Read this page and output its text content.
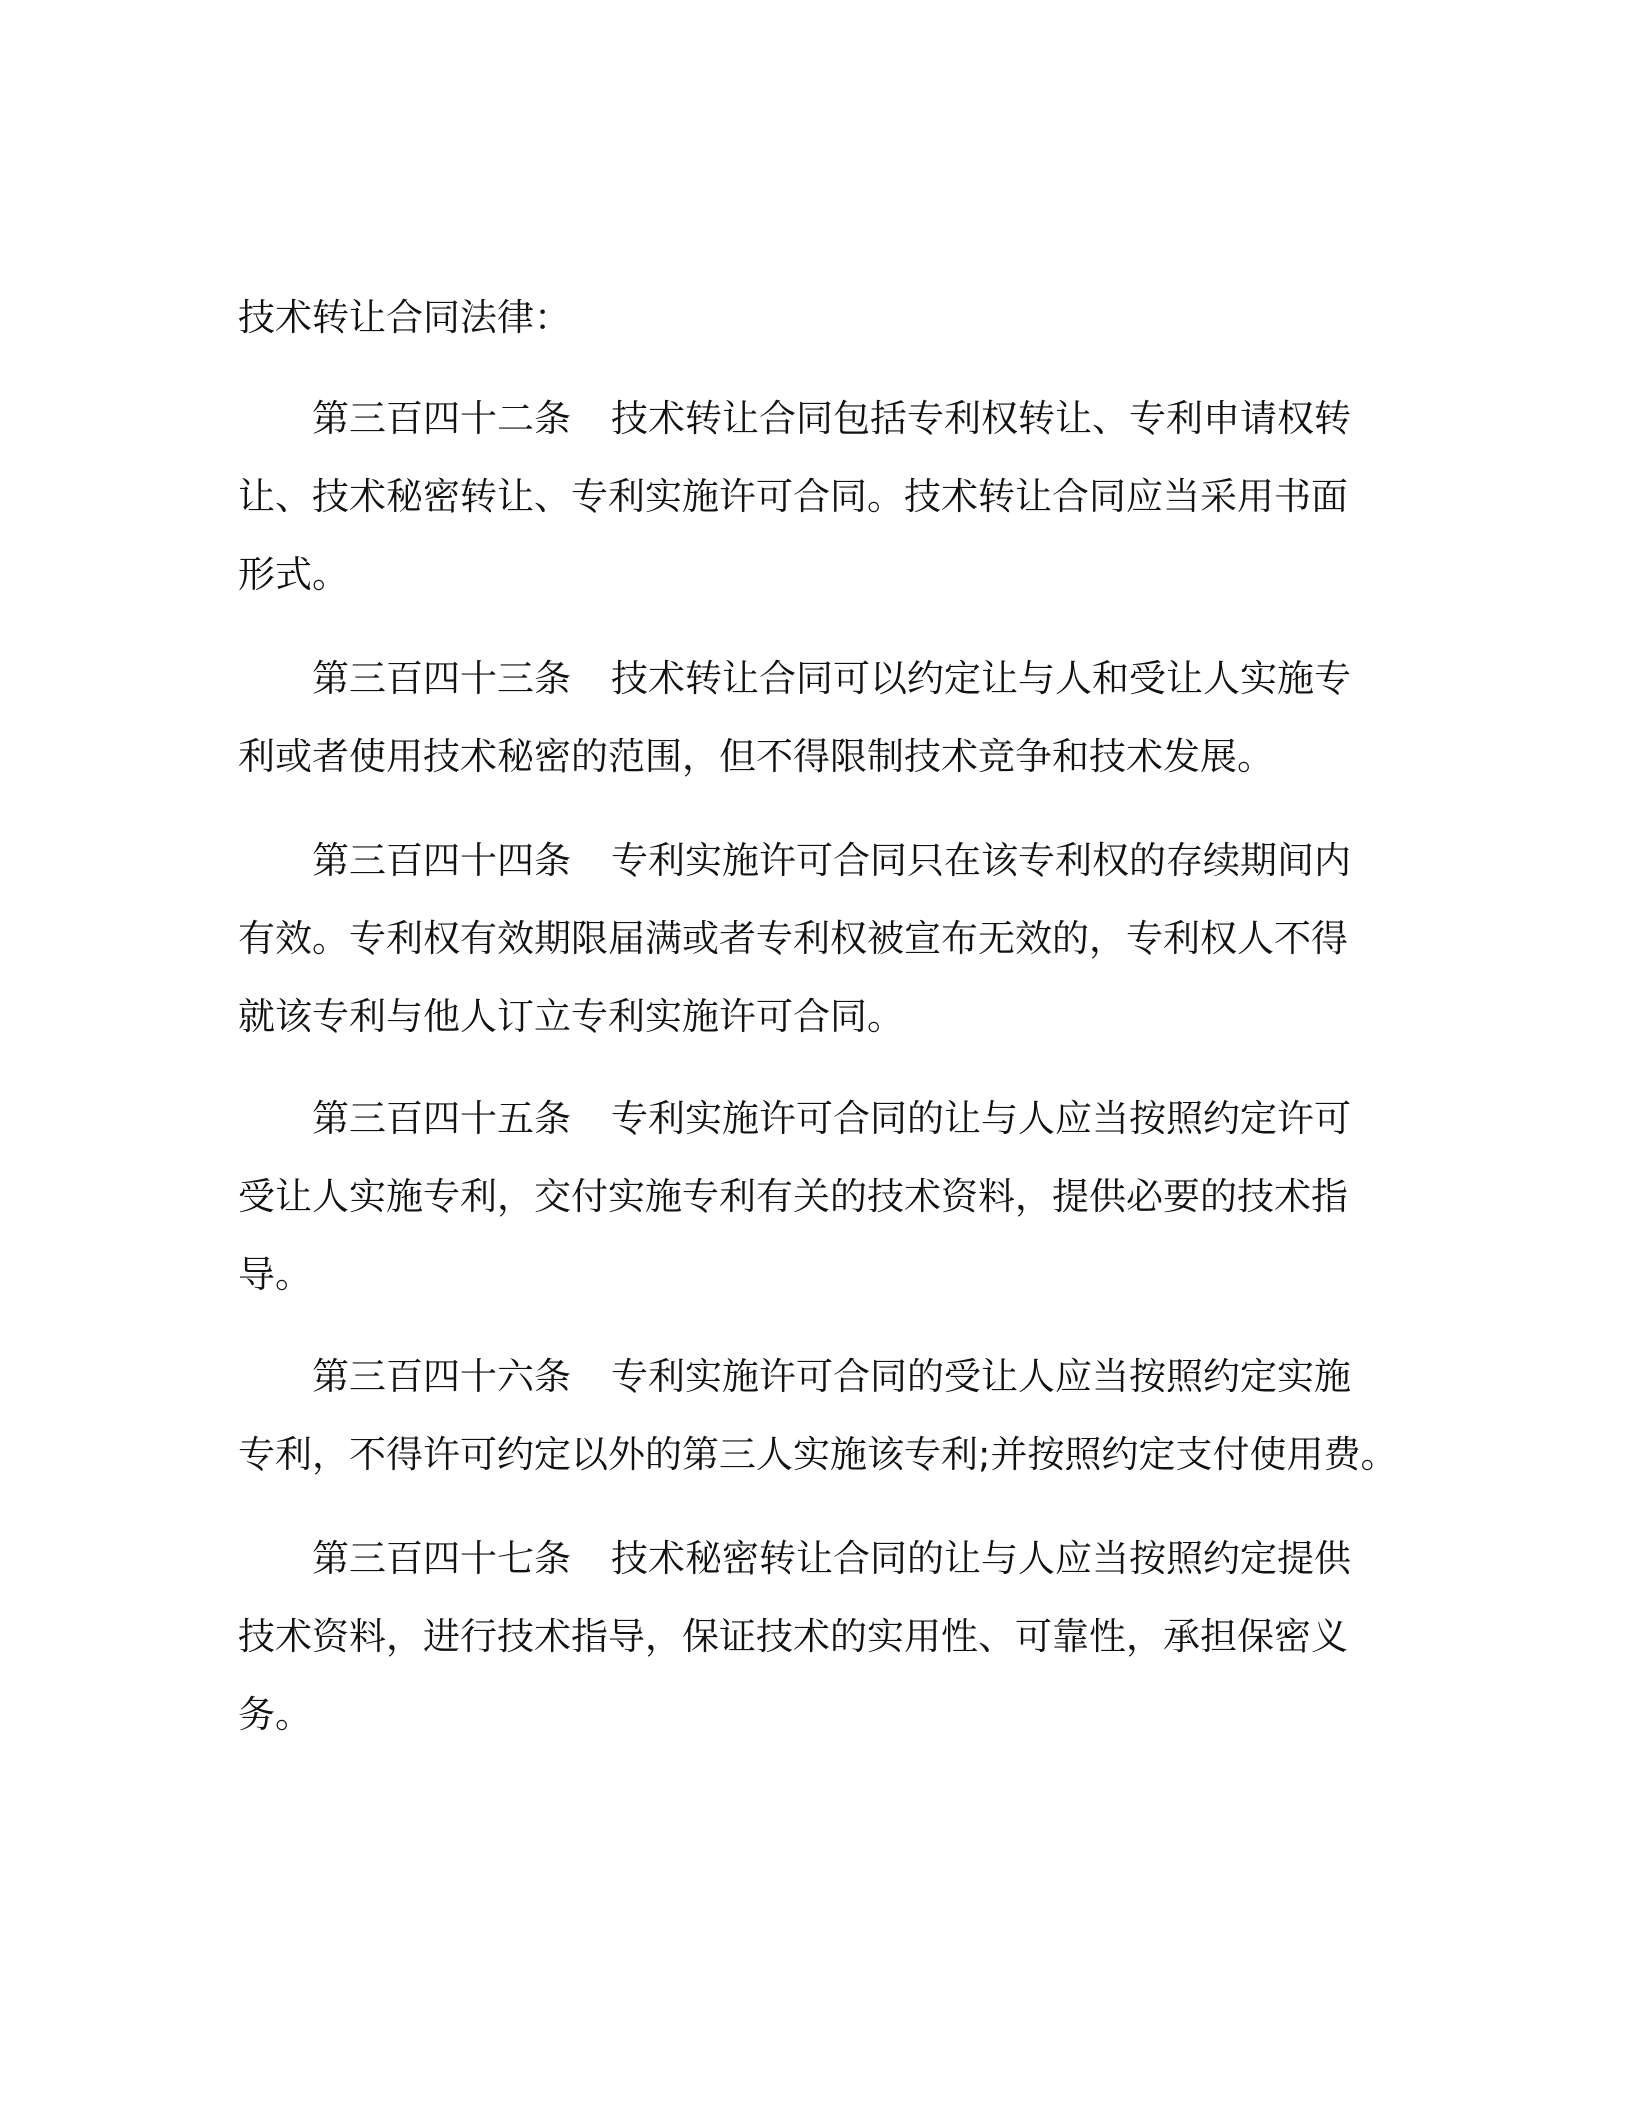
技术转让合同法律：
第三百四十二条 技术转让合同包括专利权转让、专利申请权转
让、技术秘密转让、专利实施许可合同。技术转让合同应当采用书面
形式。
第三百四十三条 技术转让合同可以约定让与人和受让人实施专
利或者使用技术秘密的范围，但不得限制技术竞争和技术发展。
第三百四十四条 专利实施许可合同只在该专利权的存续期间内
有效。专利权有效期限届满或者专利权被宣布无效的，专利权人不得
就该专利与他人订立专利实施许可合同。
第三百四十五条 专利实施许可合同的让与人应当按照约定许可
受让人实施专利，交付实施专利有关的技术资料，提供必要的技术指
导。
第三百四十六条 专利实施许可合同的受让人应当按照约定实施
专利，不得许可约定以外的第三人实施该专利;并按照约定支付使用费。
第三百四十七条 技术秘密转让合同的让与人应当按照约定提供
技术资料，进行技术指导，保证技术的实用性、可靠性，承担保密义
务。
